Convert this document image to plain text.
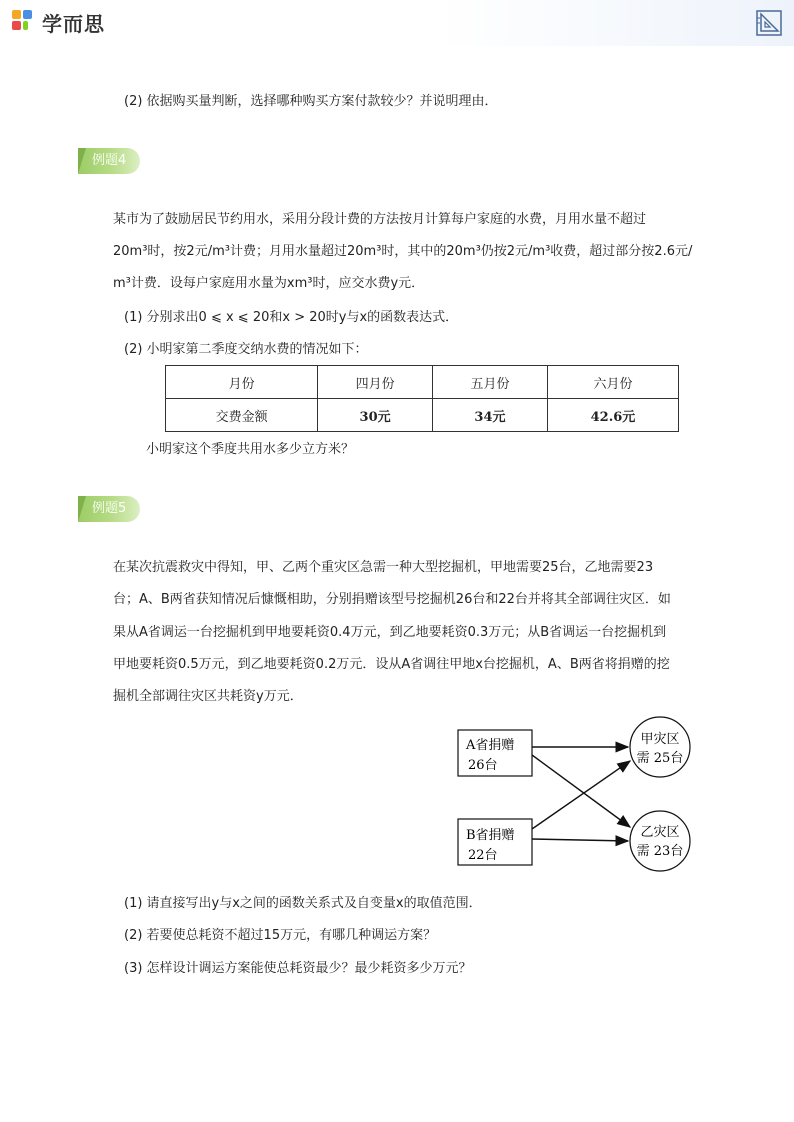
学而思
(2) 依据购买量判断，选择哪种购买方案付款较少？并说明理由．
例题4
某市为了鼓励居民节约用水，采用分段计费的方法按月计算每户家庭的水费，月用水量不超过
20m³时，按2元/m³计费；月用水量超过20m³时，其中的20m³仍按2元/m³收费，超过部分按2.6元/
m³计费．设每户家庭用水量为xm³时，应交水费y元．
(1) 分别求出0 ⩽ x ⩽ 20和x > 20时y与x的函数表达式．
(2) 小明家第二季度交纳水费的情况如下：
月份	四月份	五月份	六月份
交费金额	30元	34元	42.6元
小明家这个季度共用水多少立方米？
例题5
在某次抗震救灾中得知，甲、乙两个重灾区急需一种大型挖掘机，甲地需要25台，乙地需要23
台；A、B两省获知情况后慷慨相助，分别捐赠该型号挖掘机26台和22台并将其全部调往灾区．如
果从A省调运一台挖掘机到甲地要耗资0.4万元，到乙地要耗资0.3万元；从B省调运一台挖掘机到
甲地要耗资0.5万元，到乙地要耗资0.2万元．设从A省调往甲地x台挖掘机，A、B两省将捐赠的挖
掘机全部调往灾区共耗资y万元．
A省捐赠
26台
B省捐赠
22台
甲灾区
需 25台
乙灾区
需 23台
(1) 请直接写出y与x之间的函数关系式及自变量x的取值范围．
(2) 若要使总耗资不超过15万元，有哪几种调运方案？
(3) 怎样设计调运方案能使总耗资最少？最少耗资多少万元？
